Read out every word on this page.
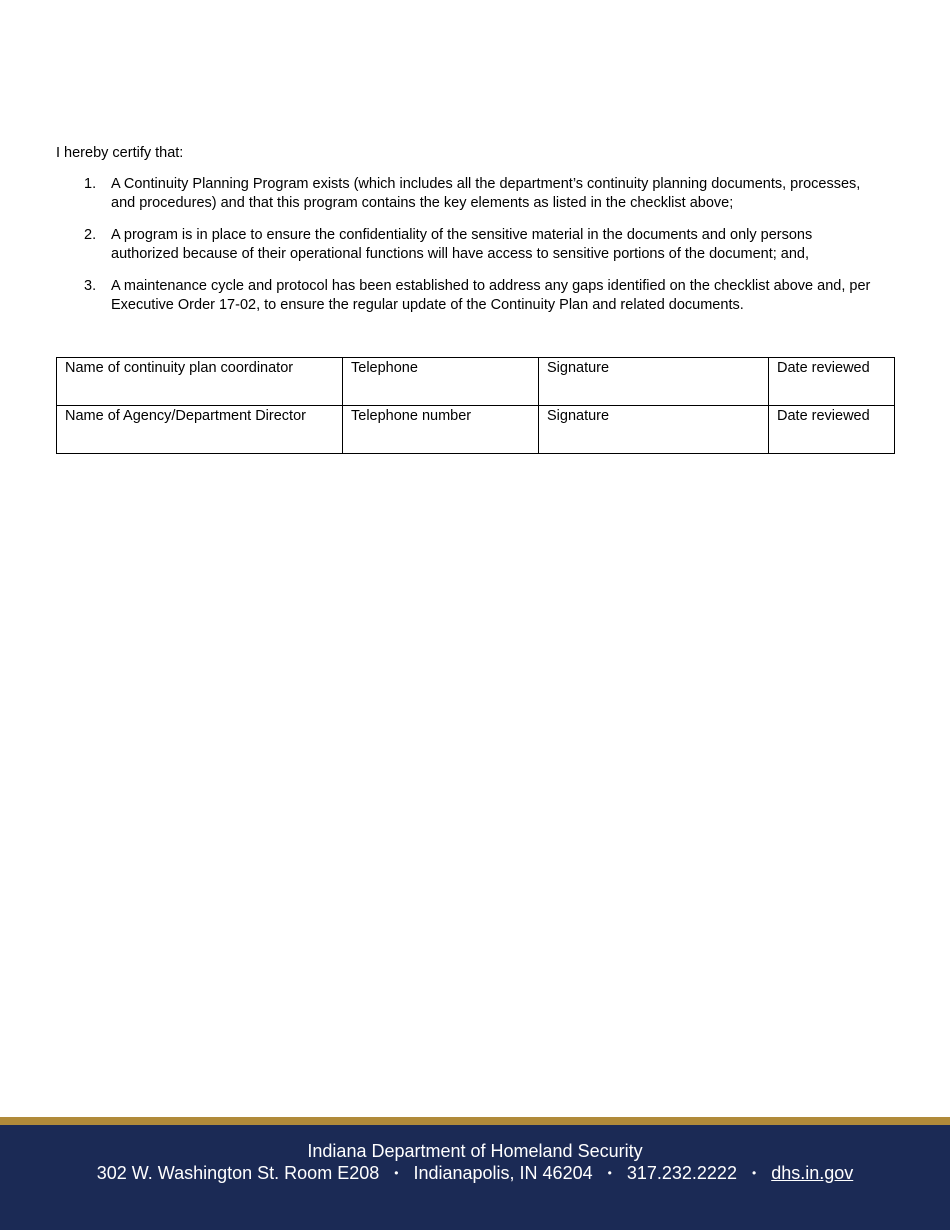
I hereby certify that:

1. A Continuity Planning Program exists (which includes all the department’s continuity planning documents, processes, and procedures) and that this program contains the key elements as listed in the checklist above;
2. A program is in place to ensure the confidentiality of the sensitive material in the documents and only persons authorized because of their operational functions will have access to sensitive portions of the document; and,
3. A maintenance cycle and protocol has been established to address any gaps identified on the checklist above and, per Executive Order 17-02, to ensure the regular update of the Continuity Plan and related documents.
Name of continuity plan coordinator	Telephone	Signature	Date reviewed
Name of Agency/Department Director	Telephone number	Signature	Date reviewed
Indiana Department of Homeland Security
302 W. Washington St. Room E208 • Indianapolis, IN 46204 • 317.232.2222 • dhs.in.gov
